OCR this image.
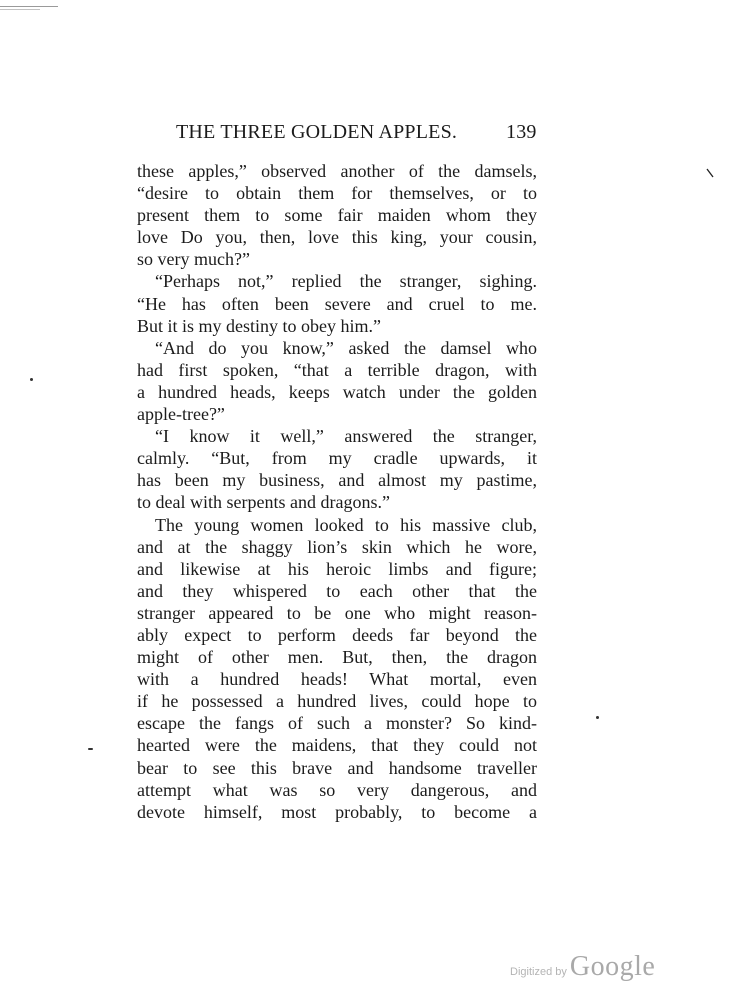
THE THREE GOLDEN APPLES. 139
these apples,” observed another of the damsels,
“desire to obtain them for themselves, or to
present them to some fair maiden whom they
love Do you, then, love this king, your cousin,
so very much?”
“Perhaps not,” replied the stranger, sighing.
“He has often been severe and cruel to me.
But it is my destiny to obey him.”
“And do you know,” asked the damsel who
had first spoken, “that a terrible dragon, with
a hundred heads, keeps watch under the golden
apple-tree?”
“I know it well,” answered the stranger,
calmly. “But, from my cradle upwards, it
has been my business, and almost my pastime,
to deal with serpents and dragons.”
The young women looked to his massive club,
and at the shaggy lion’s skin which he wore,
and likewise at his heroic limbs and figure;
and they whispered to each other that the
stranger appeared to be one who might reason-
ably expect to perform deeds far beyond the
might of other men. But, then, the dragon
with a hundred heads! What mortal, even
if he possessed a hundred lives, could hope to
escape the fangs of such a monster? So kind-
hearted were the maidens, that they could not
bear to see this brave and handsome traveller
attempt what was so very dangerous, and
devote himself, most probably, to become a
Digitized by Google
